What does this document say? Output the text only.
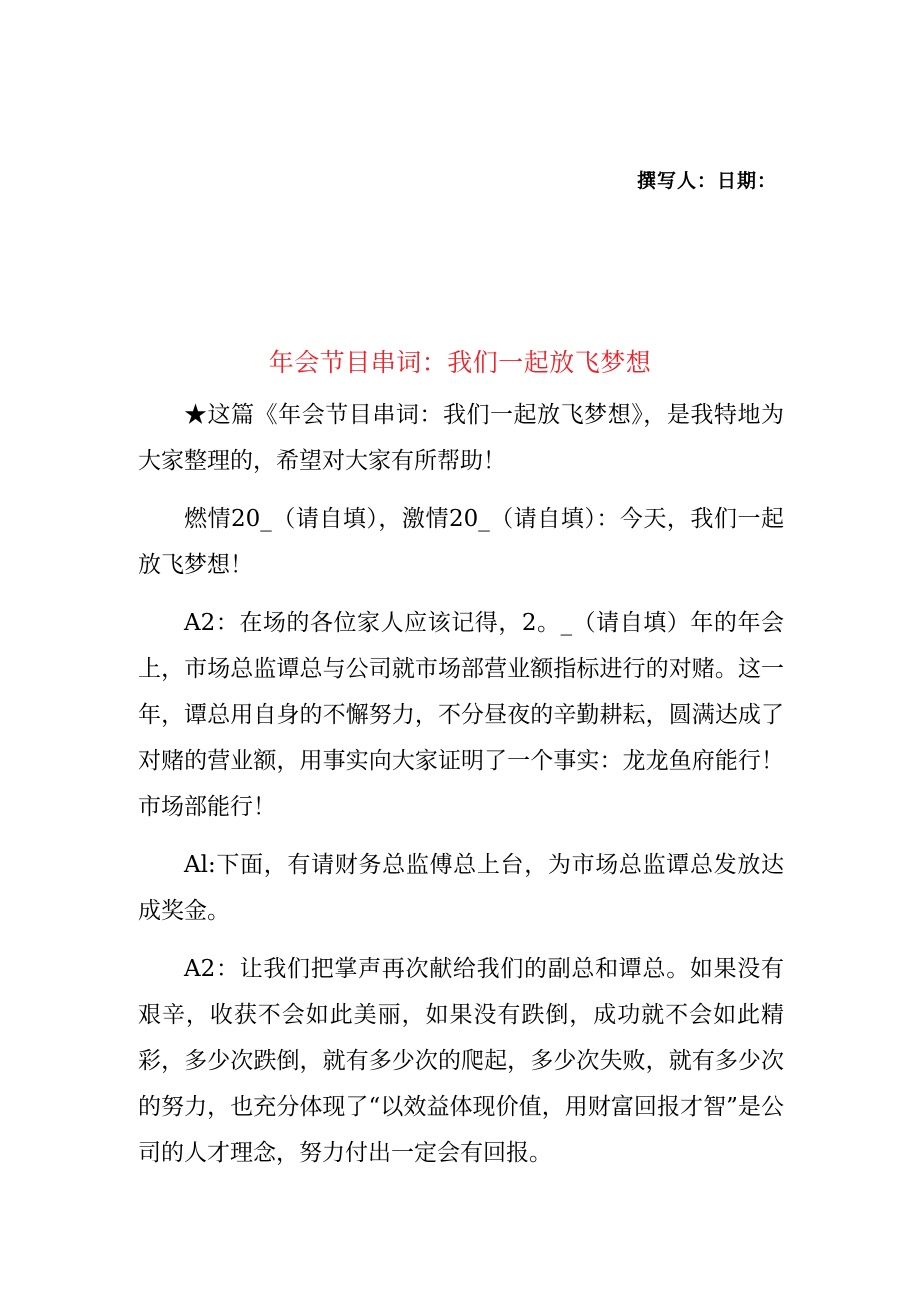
撰写人：日期：
年会节目串词：我们一起放飞梦想

★这篇《年会节目串词：我们一起放飞梦想》，是我特地为大家整理的，希望对大家有所帮助！

燃情20_（请自填），激情20_（请自填）：今天，我们一起放飞梦想！

A2：在场的各位家人应该记得，2。_（请自填）年的年会上，市场总监谭总与公司就市场部营业额指标进行的对赌。这一年，谭总用自身的不懈努力，不分昼夜的辛勤耕耘，圆满达成了对赌的营业额，用事实向大家证明了一个事实：龙龙鱼府能行！市场部能行！

Al:下面，有请财务总监傅总上台，为市场总监谭总发放达成奖金。

A2：让我们把掌声再次献给我们的副总和谭总。如果没有艰辛，收获不会如此美丽，如果没有跌倒，成功就不会如此精彩，多少次跌倒，就有多少次的爬起，多少次失败，就有多少次的努力，也充分体现了“以效益体现价值，用财富回报才智”是公司的人才理念，努力付出一定会有回报。
